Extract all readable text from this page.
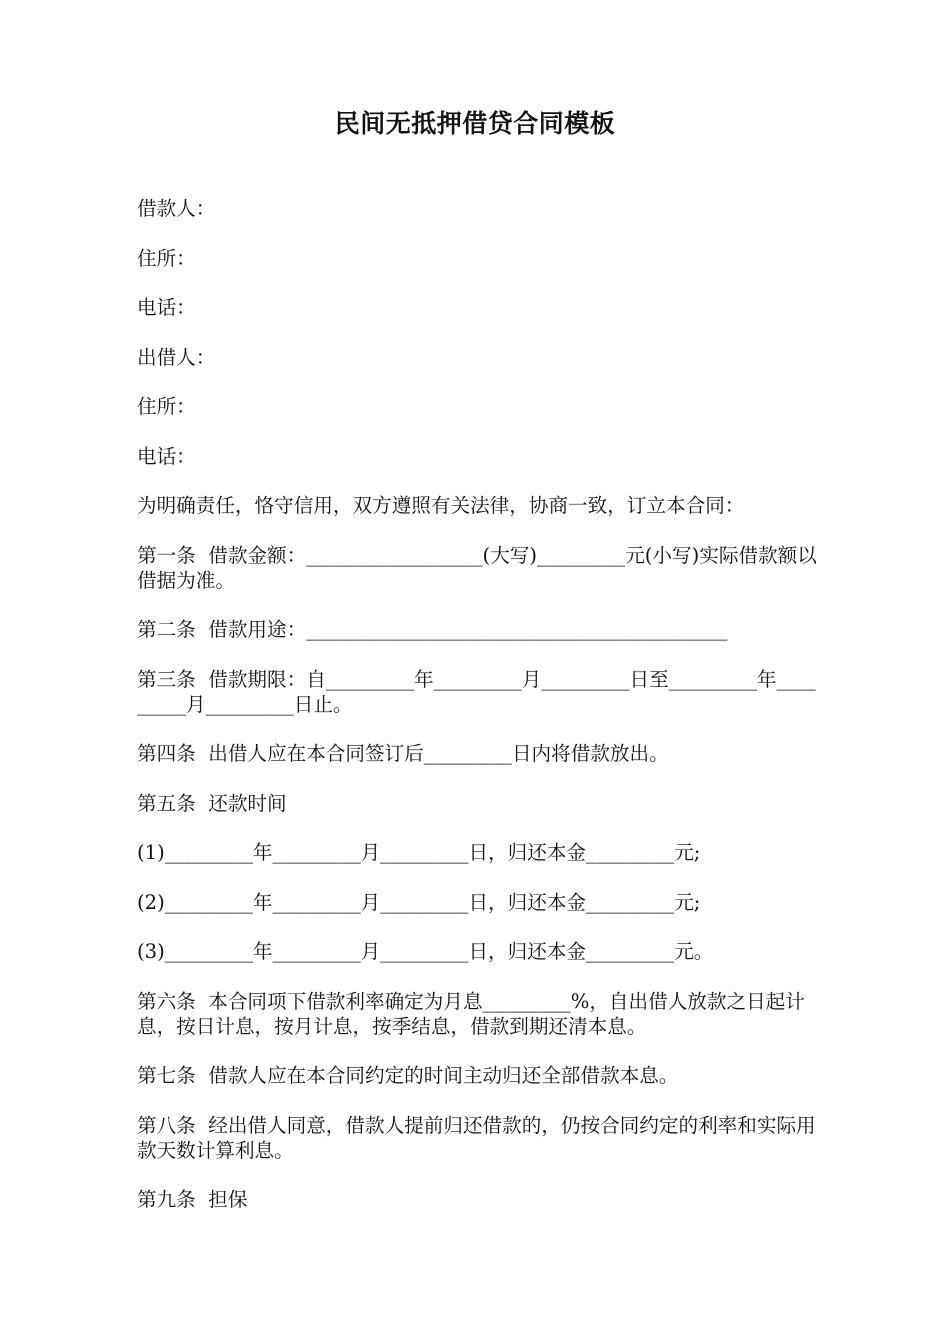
民间无抵押借贷合同模板

借款人：

住所：

电话：

出借人：

住所：

电话：

为明确责任，恪守信用，双方遵照有关法律，协商一致，订立本合同：

第一条  借款金额：__________________(大写)_________元(小写)实际借款额以借据为准。

第二条  借款用途：___________________________________________

第三条  借款期限：自_________年_________月_________日至_________年_________月_________日止。

第四条  出借人应在本合同签订后_________日内将借款放出。

第五条  还款时间

(1)_________年_________月_________日，归还本金_________元;

(2)_________年_________月_________日，归还本金_________元;

(3)_________年_________月_________日，归还本金_________元。

第六条  本合同项下借款利率确定为月息_________%，自出借人放款之日起计息，按日计息，按月计息，按季结息，借款到期还清本息。

第七条  借款人应在本合同约定的时间主动归还全部借款本息。

第八条  经出借人同意，借款人提前归还借款的，仍按合同约定的利率和实际用款天数计算利息。

第九条  担保
